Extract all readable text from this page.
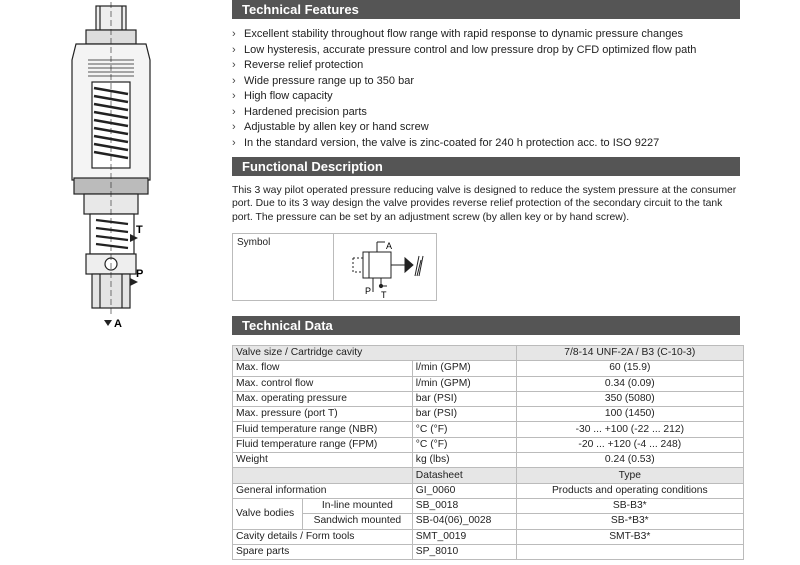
T
P
A
Technical Features
› Excellent stability throughout flow range with rapid response to dynamic pressure changes
› Low hysteresis, accurate pressure control and low pressure drop by CFD optimized flow path
› Reverse relief protection
› Wide pressure range up to 350 bar
› High flow capacity
› Hardened precision parts
› Adjustable by allen key or hand screw
› In the standard version, the valve is zinc-coated for 240 h protection acc. to ISO 9227
Functional Description

This 3 way pilot operated pressure reducing valve is designed to reduce the system pressure at the consumer port. Due to its 3 way design the valve provides reverse relief protection of the secondary circuit to the tank port. The pressure can be set by an adjustment screw (by allen key or by hand screw).

Symbol	A
P T
Technical Data
Valve size / Cartridge cavity			7/8-14 UNF-2A / B3 (C-10-3)
Max. flow		l/min (GPM)	60 (15.9)
Max. control flow		l/min (GPM)	0.34 (0.09)
Max. operating pressure		bar (PSI)	350 (5080)
Max. pressure (port T)		bar (PSI)	100 (1450)
Fluid temperature range (NBR)		°C (°F)	-30 ... +100 (-22 ... 212)
Fluid temperature range (FPM)		°C (°F)	-20 ... +120 (-4 ... 248)
Weight		kg (lbs)	0.24 (0.53)
		Datasheet	Type
General information		GI_0060	Products and operating conditions
Valve bodies	In-line mounted	SB_0018	SB-B3*
	Sandwich mounted	SB-04(06)_0028	SB-*B3*
Cavity details / Form tools		SMT_0019	SMT-B3*
Spare parts		SP_8010	
